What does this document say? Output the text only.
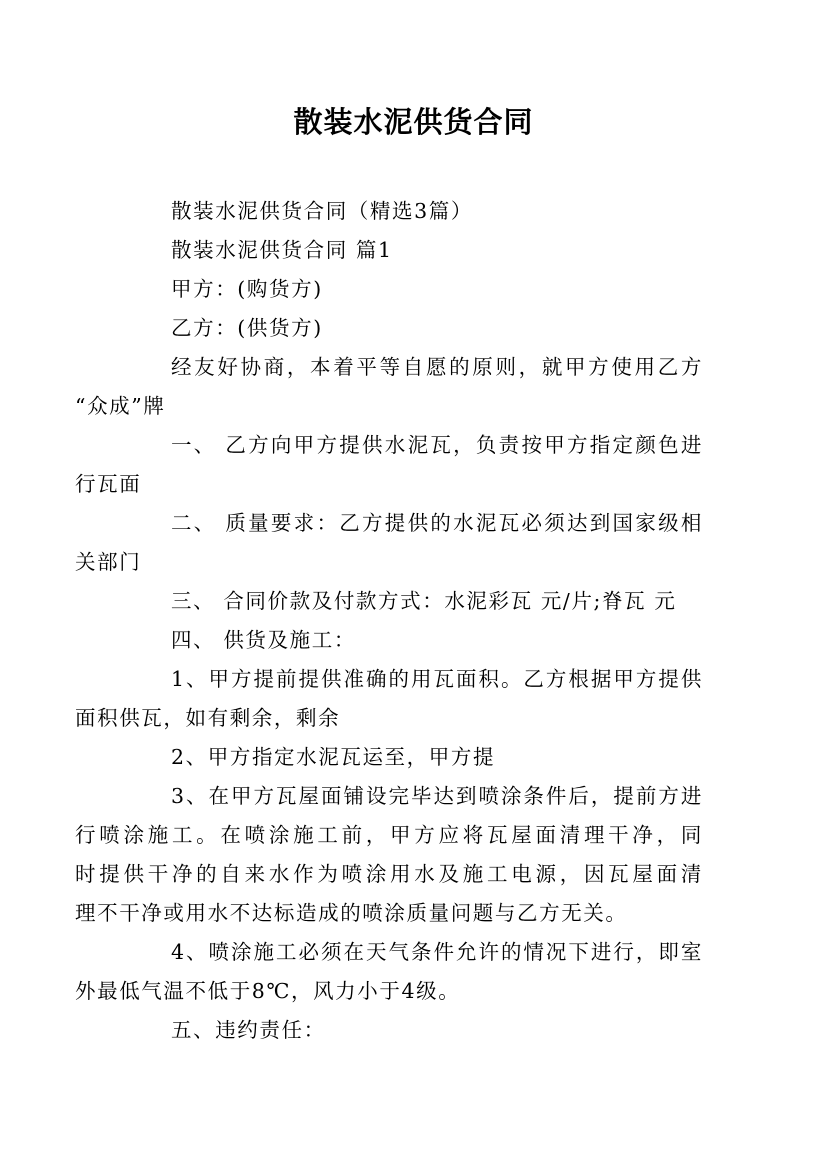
散装水泥供货合同
散装水泥供货合同（精选3篇）
散装水泥供货合同 篇1
甲方：(购货方)
乙方：(供货方)
经友好协商，本着平等自愿的原则，就甲方使用乙方
“众成”牌
一、 乙方向甲方提供水泥瓦，负责按甲方指定颜色进
行瓦面
二、 质量要求：乙方提供的水泥瓦必须达到国家级相
关部门
三、 合同价款及付款方式：水泥彩瓦 元/片;脊瓦 元
四、 供货及施工：
1、甲方提前提供准确的用瓦面积。乙方根据甲方提供
面积供瓦，如有剩余，剩余
2、甲方指定水泥瓦运至，甲方提
3、在甲方瓦屋面铺设完毕达到喷涂条件后，提前方进
行喷涂施工。在喷涂施工前，甲方应将瓦屋面清理干净，同
时提供干净的自来水作为喷涂用水及施工电源，因瓦屋面清
理不干净或用水不达标造成的喷涂质量问题与乙方无关。
4、喷涂施工必须在天气条件允许的情况下进行，即室
外最低气温不低于8℃，风力小于4级。
五、违约责任：
